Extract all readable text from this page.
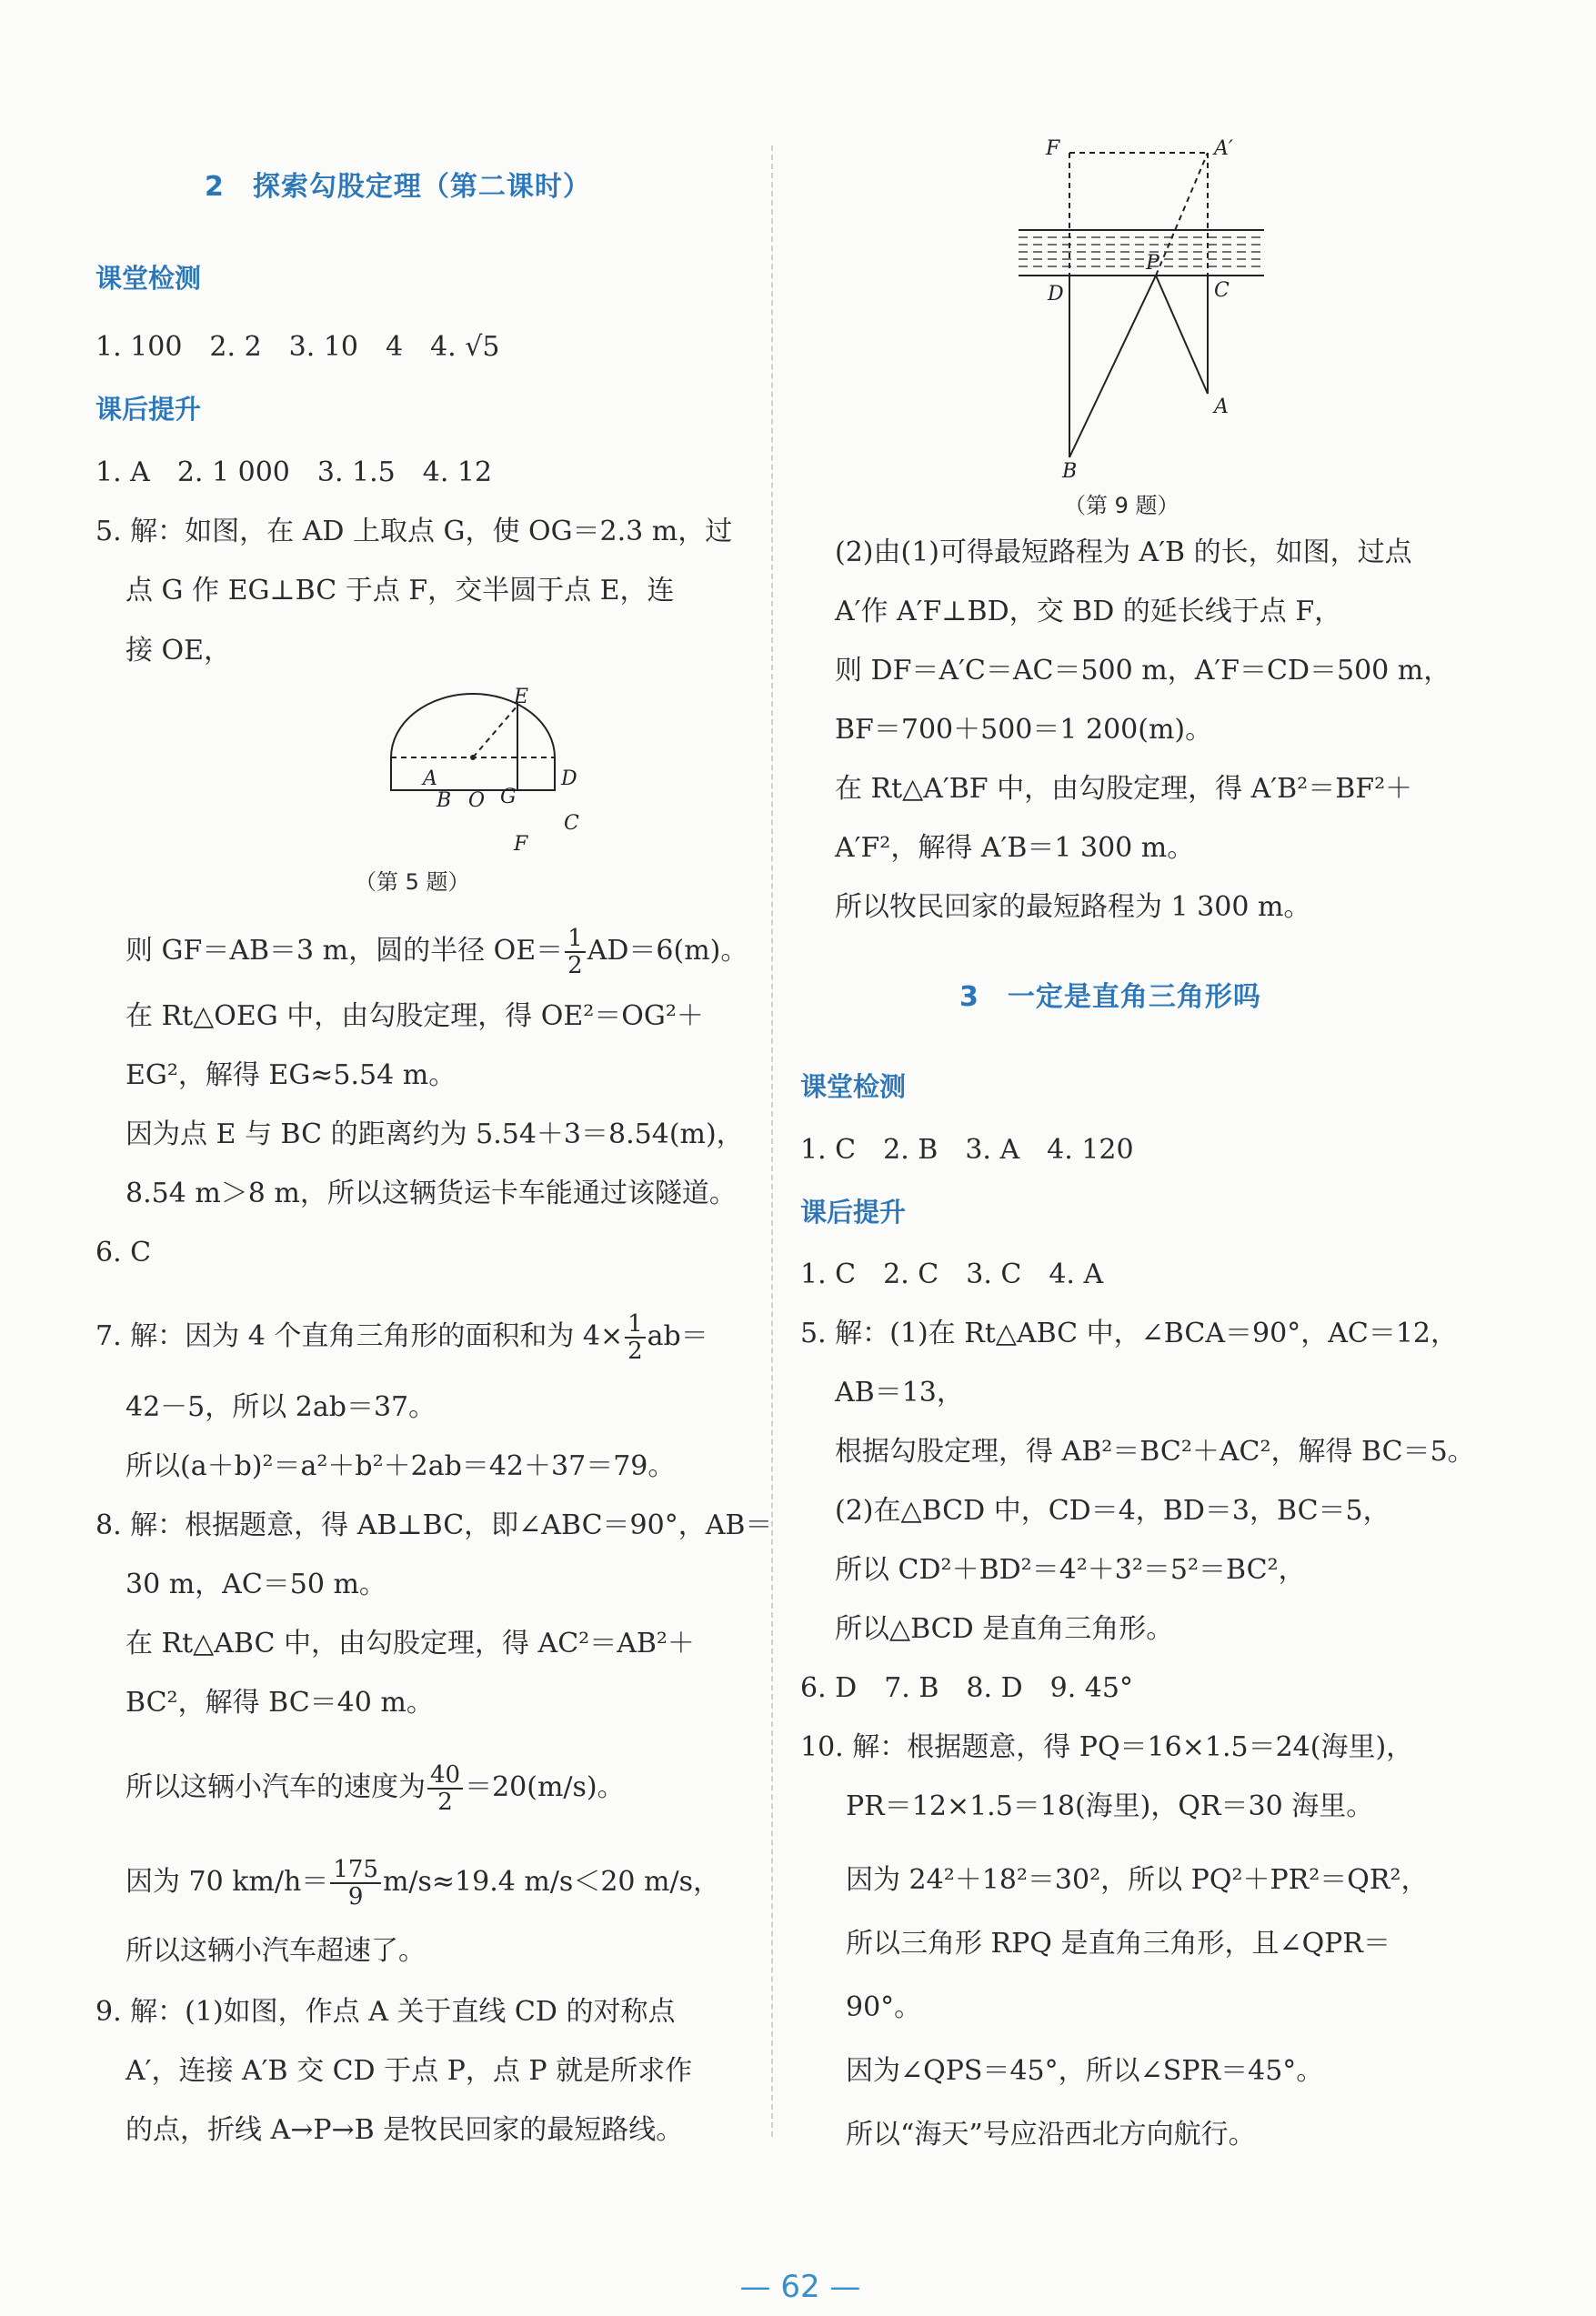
2　探索勾股定理（第二课时）
课堂检测
1. 100　2. 2　3. 10　4　4. √5
课后提升
1. A　2. 1 000　3. 1.5　4. 12
5. 解：如图，在 AD 上取点 G，使 OG＝2.3 m，过
点 G 作 EG⊥BC 于点 F，交半圆于点 E，连
接 OE，
B
A	D
C
E
F
G
O
（第 5 题）
则 GF＝AB＝3 m，圆的半径 $OE= \frac{1}{2} AD=6(m)$。
在 Rt△OEG 中，由勾股定理，得 OE²＝OG²＋
EG²，解得 EG≈5.54 m。
因为点 E 与 BC 的距离约为 5.54＋3＝8.54(m)，
8.54 m＞8 m，所以这辆货运卡车能通过该隧道。
6. C
7. 解：因为 4 个直角三角形的面积和为 $4\times \frac{1}{2} ab=$
42－5，所以 2ab＝37。
所以(a＋b)²＝a²＋b²＋2ab＝42＋37＝79。
8. 解：根据题意，得 AB⊥BC，即∠ABC＝90°，AB＝
30 m，AC＝50 m。
在 Rt△ABC 中，由勾股定理，得 AC²＝AB²＋
BC²，解得 BC＝40 m。
所以这辆小汽车的速度为 $\frac{40}{2} =20(m/s)$。
因为 70 $km/h= \frac{175}{9} m/s\approx 19.4$ m/s＜20 m/s，
所以这辆小汽车超速了。
9. 解：(1)如图，作点 A 关于直线 CD 的对称点
A′，连接 A′B 交 CD 于点 P，点 P 就是所求作
的点，折线 A→P→B 是牧民回家的最短路线。
F	A′
P
D	C
A
B
（第 9 题）
(2)由(1)可得最短路程为 A′B 的长，如图，过点
A′作 A′F⊥BD，交 BD 的延长线于点 F，
则 DF＝A′C＝AC＝500 m，A′F＝CD＝500 m，
BF＝700＋500＝1 200(m)。
在 Rt△A′BF 中，由勾股定理，得 A′B²＝BF²＋
A′F²，解得 A′B＝1 300 m。
所以牧民回家的最短路程为 1 300 m。
3　一定是直角三角形吗
课堂检测
1. C　2. B　3. A　4. 120
课后提升
1. C　2. C　3. C　4. A
5. 解：(1)在 Rt△ABC 中，∠BCA＝90°，AC＝12，
AB＝13，
根据勾股定理，得 AB²＝BC²＋AC²，解得 BC＝5。
(2)在△BCD 中，CD＝4，BD＝3，BC＝5，
所以 CD²＋BD²＝4²＋3²＝5²＝BC²，
所以△BCD 是直角三角形。
6. D　7. B　8. D　9. 45°
10. 解：根据题意，得 PQ＝16×1.5＝24(海里)，
PR＝12×1.5＝18(海里)，QR＝30 海里。
因为 24²＋18²＝30²，所以 PQ²＋PR²＝QR²，
所以三角形 RPQ 是直角三角形，且∠QPR＝
90°。
因为∠QPS＝45°，所以∠SPR＝45°。
所以“海天”号应沿西北方向航行。
— 62 —
